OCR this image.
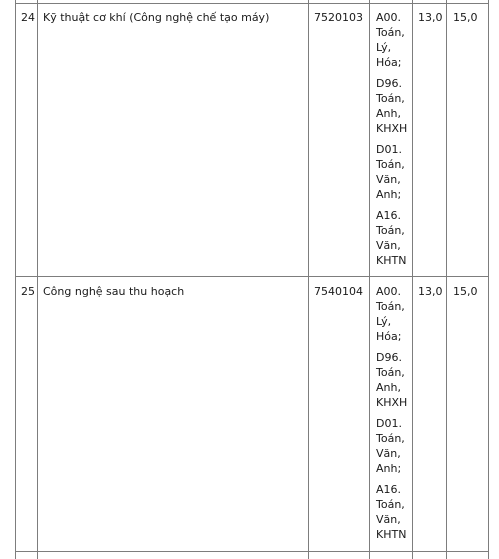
24 Kỹ thuật cơ khí (Công nghệ chế tạo máy)	7520103 A00.
Toán,
Lý,
Hóa;
D96.
Toán,
Anh,
KHXH
D01.
Toán,
Văn,
Anh;
A16.
Toán,
Văn,
KHTN
13,0 15,0
25 Công nghệ sau thu hoạch	7540104 A00.
Toán,
Lý,
Hóa;
D96.
Toán,
Anh,
KHXH
D01.
Toán,
Văn,
Anh;
A16.
Toán,
Văn,
KHTN
13,0 15,0
